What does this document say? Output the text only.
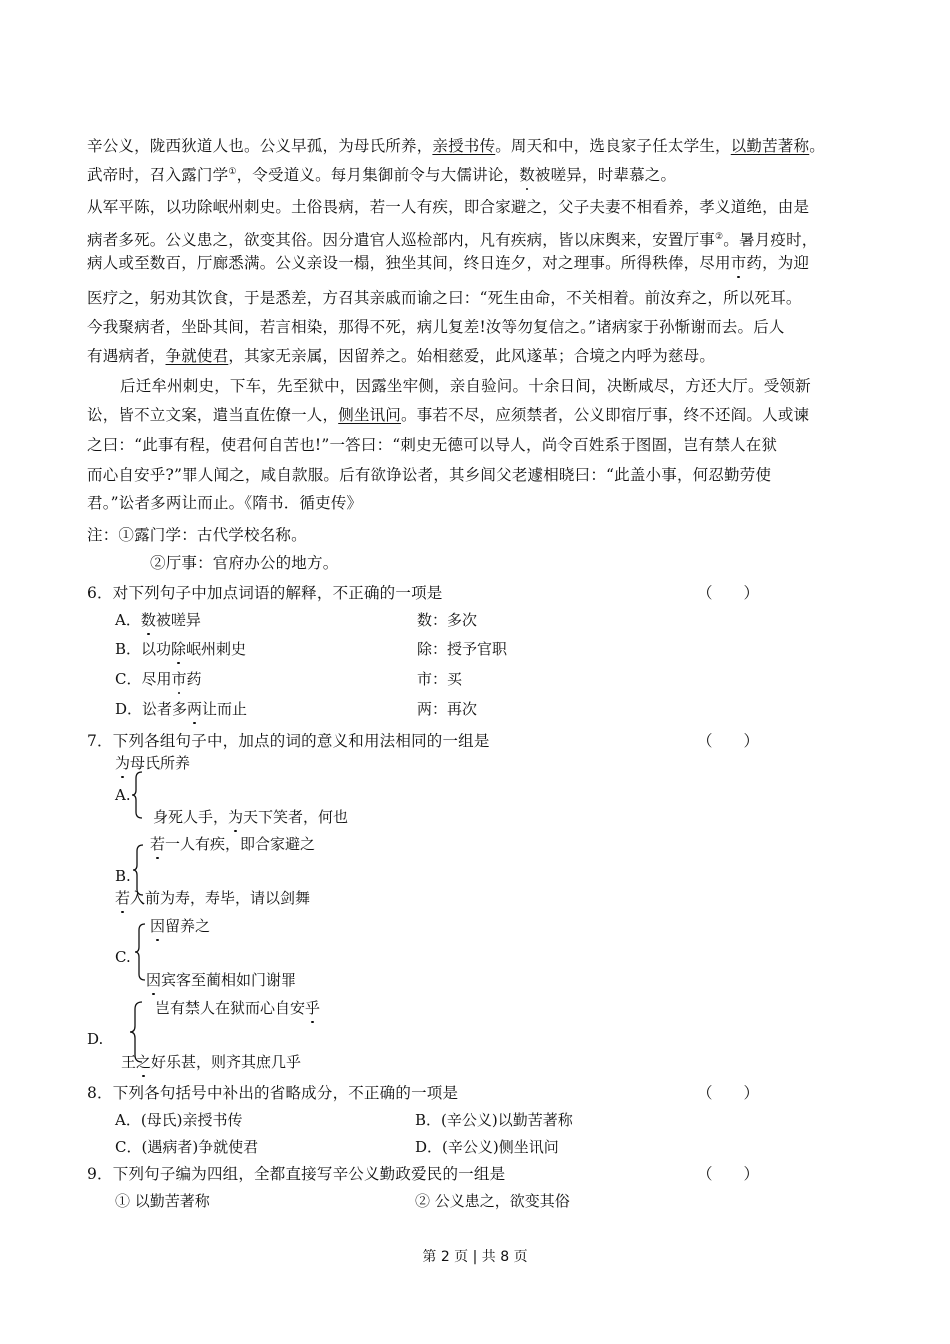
辛公义，陇西狄道人也。公义早孤，为母氏所养，亲授书传。周天和中，选良家子任太学生，以勤苦著称。
武帝时，召入露门学①，令受道义。每月集御前令与大儒讲论，数被嗟异，时辈慕之。
从军平陈，以功除岷州刺史。土俗畏病，若一人有疾，即合家避之，父子夫妻不相看养，孝义道绝，由是
病者多死。公义患之，欲变其俗。因分遣官人巡检部内，凡有疾病，皆以床舆来，安置厅事②。暑月疫时，
病人或至数百，厅廊悉满。公义亲设一榻，独坐其间，终日连夕，对之理事。所得秩俸，尽用市药，为迎
医疗之，躬劝其饮食，于是悉差，方召其亲戚而谕之曰：“死生由命，不关相着。前汝弃之，所以死耳。
今我聚病者，坐卧其间，若言相染，那得不死，病儿复差!汝等勿复信之。”诸病家于孙惭谢而去。后人
有遇病者，争就使君，其家无亲属，因留养之。始相慈爱，此风遂革；合境之内呼为慈母。
后迁牟州刺史，下车，先至狱中，因露坐牢侧，亲自验问。十余日间，决断咸尽，方还大厅。受领新
讼，皆不立文案，遣当直佐僚一人，侧坐讯问。事若不尽，应须禁者，公义即宿厅事，终不还阎。人或谏
之曰：“此事有程，使君何自苦也!”一答曰：“刺史无德可以导人，尚令百姓系于图圄，岂有禁人在狱
而心自安乎?”罪人闻之，咸自款服。后有欲诤讼者，其乡闾父老遽相晓曰：“此盖小事，何忍勤劳使
君。”讼者多两让而止。《隋书．循吏传》
注：①露门学：古代学校名称。
②厅事：官府办公的地方。
6．对下列句子中加点词语的解释，不正确的一项是	（　　）
A．数被嗟异	数：多次
B．以功除岷州刺史	除：授予官职
C．尽用市药	市：买
D．讼者多两让而止	两：再次
7．下列各组句子中，加点的词的意义和用法相同的一组是	（　　）
为母氏所养
A.
身死人手，为天下笑者，何也
若一人有疾，即合家避之
B.
若入前为寿，寿毕，请以剑舞
因留养之
C.
因宾客至蔺相如门谢罪
岂有禁人在狱而心自安乎
D.
王之好乐甚，则齐其庶几乎
8．下列各句括号中补出的省略成分，不正确的一项是	（　　）
A．(母氏)亲授书传	B．(辛公义)以勤苦著称
C．(遇病者)争就使君	D．(辛公义)侧坐讯问
9．下列句子编为四组，全都直接写辛公义勤政爱民的一组是	（　　）
① 以勤苦著称	② 公义患之，欲变其俗
第 2 页 | 共 8 页
